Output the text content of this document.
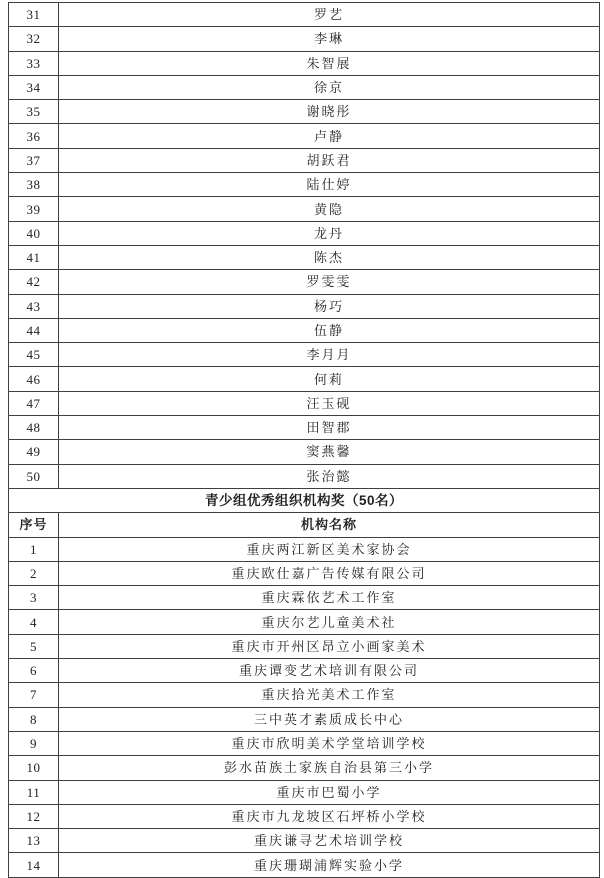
31	罗艺
32	李琳
33	朱智展
34	徐京
35	谢晓彤
36	卢静
37	胡跃君
38	陆仕婷
39	黄隐
40	龙丹
41	陈杰
42	罗雯雯
43	杨巧
44	伍静
45	李月月
46	何莉
47	汪玉砚
48	田智郡
49	窦燕馨
50	张治懿
青少组优秀组织机构奖（50名）	
序号	机构名称
1	重庆两江新区美术家协会
2	重庆欧仕嘉广告传媒有限公司
3	重庆霖依艺术工作室
4	重庆尔艺儿童美术社
5	重庆市开州区昂立小画家美术
6	重庆谭变艺术培训有限公司
7	重庆拾光美术工作室
8	三中英才素质成长中心
9	重庆市欣明美术学堂培训学校
10	彭水苗族土家族自治县第三小学
11	重庆市巴蜀小学
12	重庆市九龙坡区石坪桥小学校
13	重庆谦寻艺术培训学校
14	重庆珊瑚浦辉实验小学
